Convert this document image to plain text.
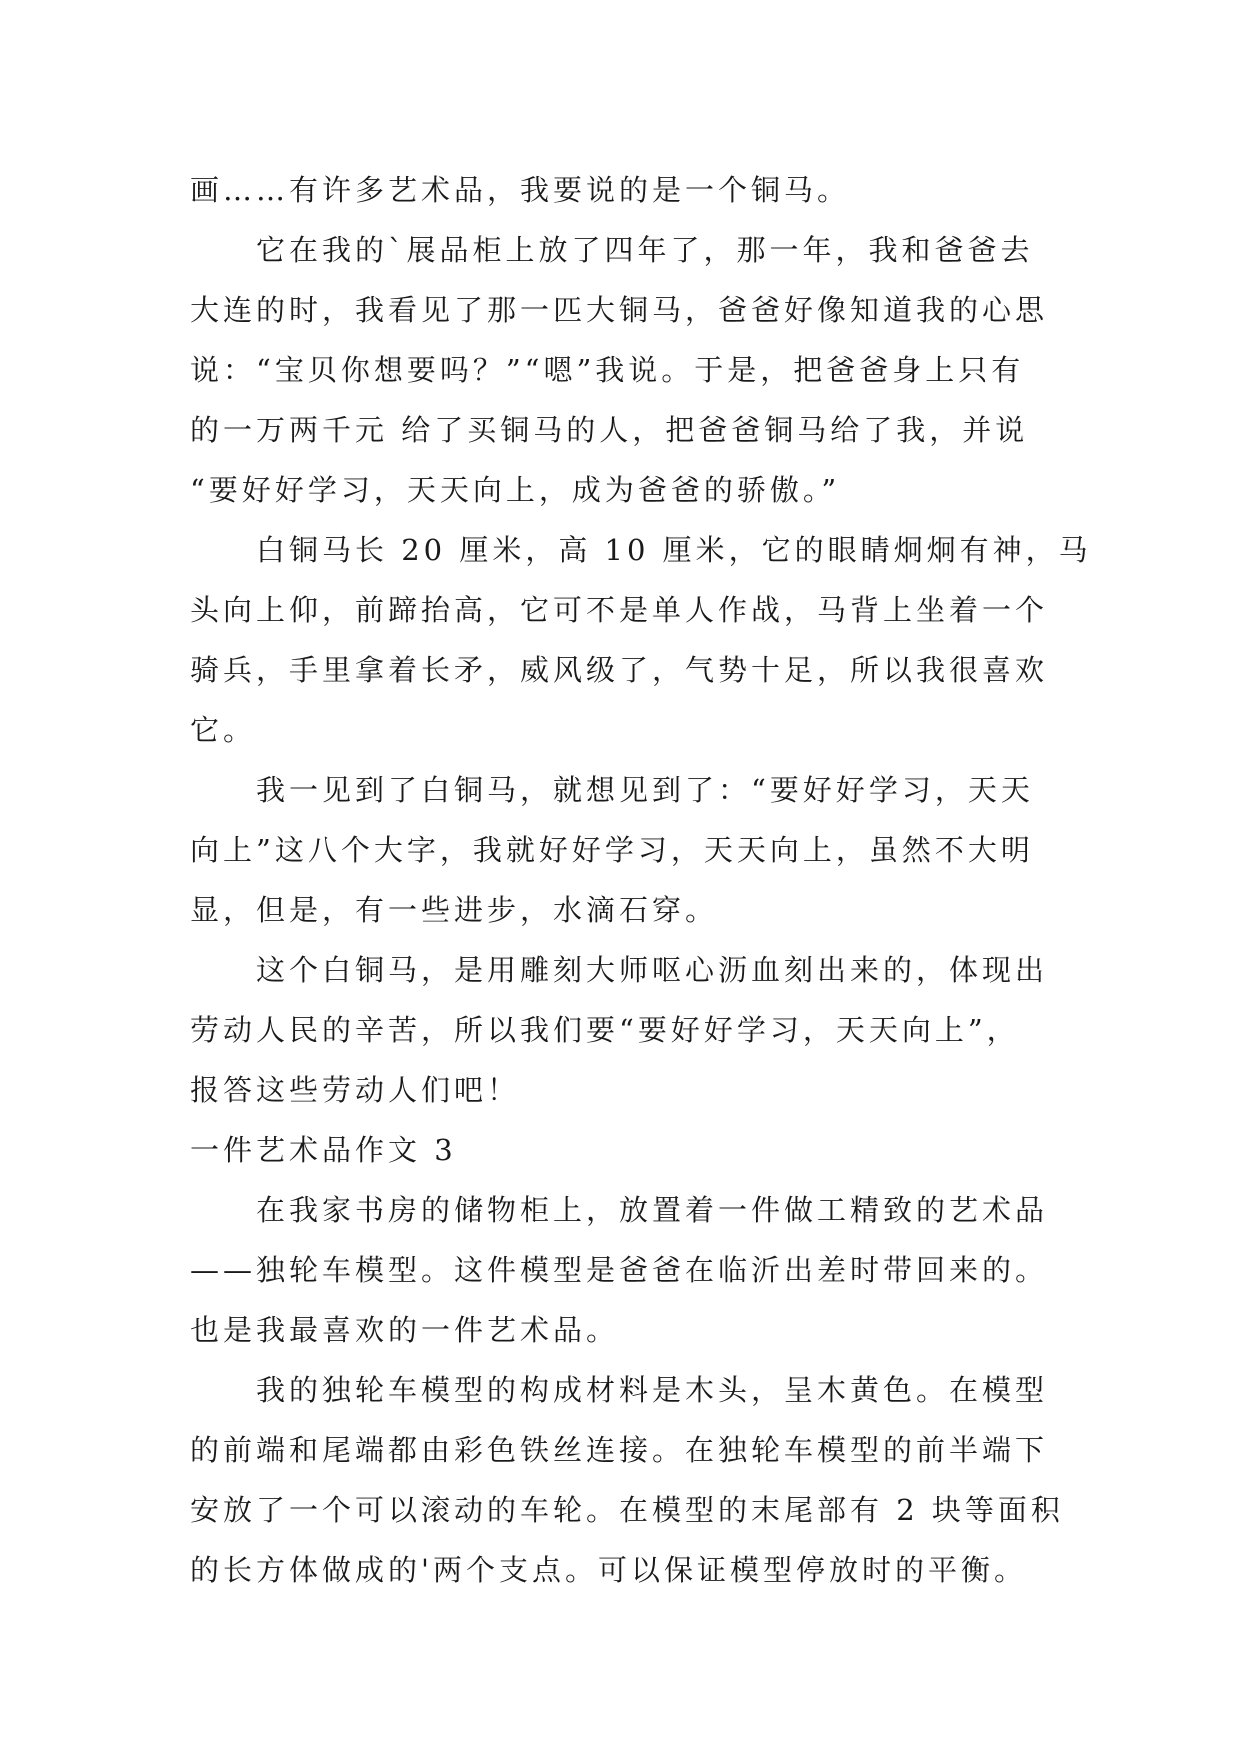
画……有许多艺术品，我要说的是一个铜马。
它在我的`展品柜上放了四年了，那一年，我和爸爸去
大连的时，我看见了那一匹大铜马，爸爸好像知道我的心思
说：“宝贝你想要吗？”“嗯”我说。于是，把爸爸身上只有
的一万两千元 给了买铜马的人，把爸爸铜马给了我，并说
“要好好学习，天天向上，成为爸爸的骄傲。”
白铜马长 20 厘米，高 10 厘米，它的眼睛炯炯有神，马
头向上仰，前蹄抬高，它可不是单人作战，马背上坐着一个
骑兵，手里拿着长矛，威风级了，气势十足，所以我很喜欢
它。
我一见到了白铜马，就想见到了：“要好好学习，天天
向上”这八个大字，我就好好学习，天天向上，虽然不大明
显，但是，有一些进步，水滴石穿。
这个白铜马，是用雕刻大师呕心沥血刻出来的，体现出
劳动人民的辛苦，所以我们要“要好好学习，天天向上”，
报答这些劳动人们吧！
一件艺术品作文 3
在我家书房的储物柜上，放置着一件做工精致的艺术品
——独轮车模型。这件模型是爸爸在临沂出差时带回来的。
也是我最喜欢的一件艺术品。
我的独轮车模型的构成材料是木头，呈木黄色。在模型
的前端和尾端都由彩色铁丝连接。在独轮车模型的前半端下
安放了一个可以滚动的车轮。在模型的末尾部有 2 块等面积
的长方体做成的'两个支点。可以保证模型停放时的平衡。
